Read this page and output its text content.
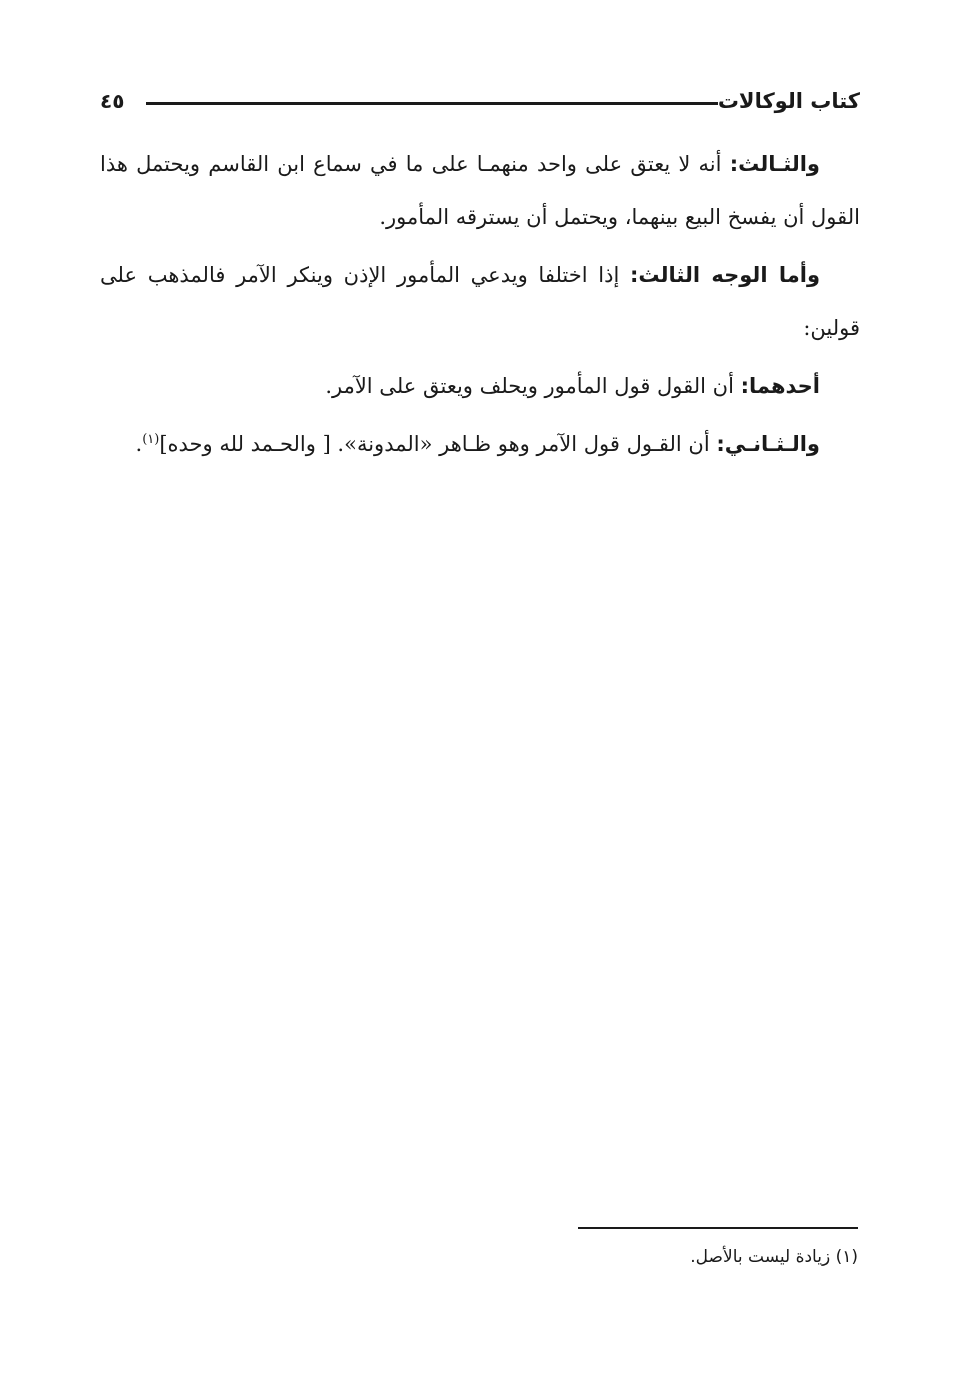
كتاب الوكالات
٤٥

والثـالث: أنه لا يعتق على واحد منهمـا على ما في سماع ابن القاسم ويحتمل هذا القول أن يفسخ البيع بينهما، ويحتمل أن يسترقه المأمور.

وأما الوجه الثالث: إذا اختلفا ويدعي المأمور الإذن وينكر الآمر فالمذهب على قولين:

أحدهما: أن القول قول المأمور ويحلف ويعتق على الآمر.

والـثـانـي: أن القـول قول الآمر وهو ظـاهر «المدونة». [ والحـمد لله وحده]$^{(١)}$.

(١) زيادة ليست بالأصل.
